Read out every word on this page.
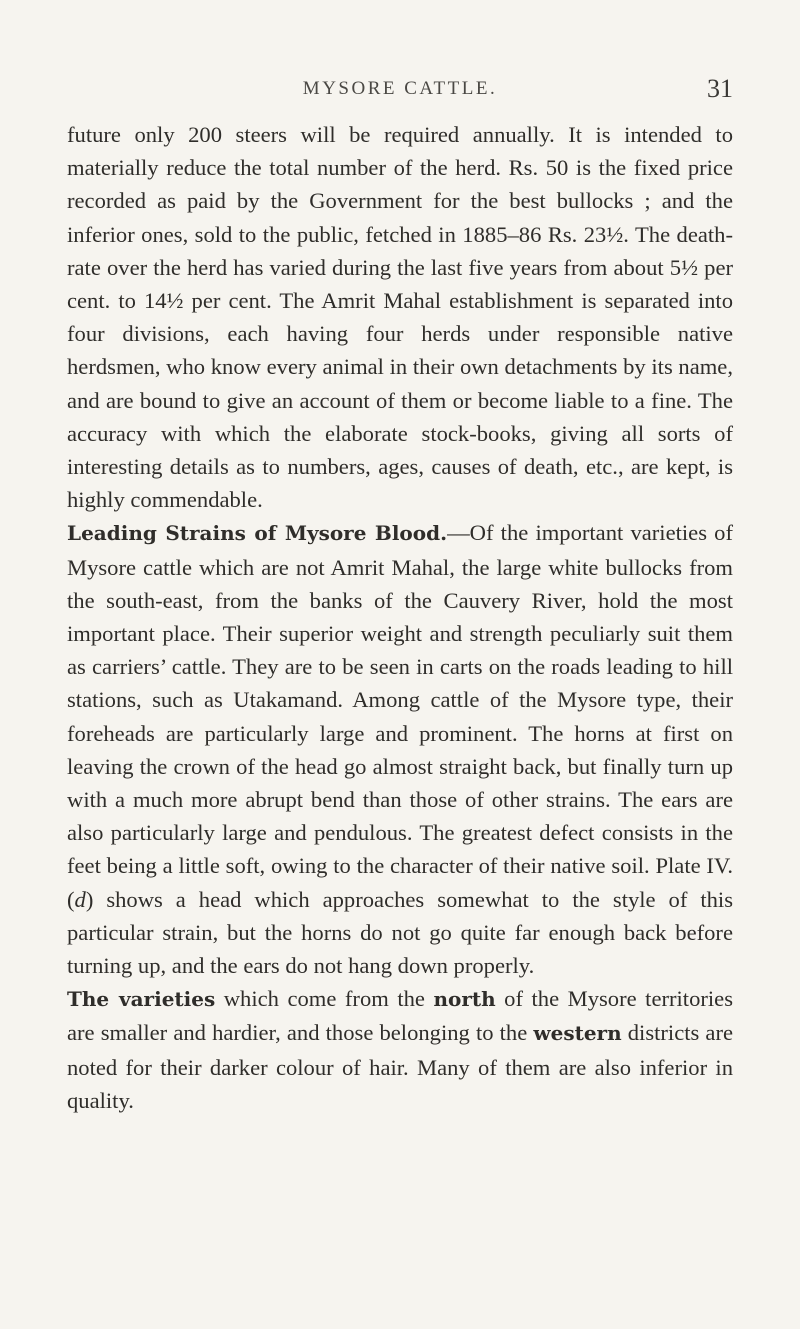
MYSORE CATTLE.	31

future only 200 steers will be required annually. It is intended to materially reduce the total number of the herd. Rs. 50 is the fixed price recorded as paid by the Government for the best bullocks ; and the inferior ones, sold to the public, fetched in 1885–86 Rs. 23½. The death-rate over the herd has varied during the last five years from about 5½ per cent. to 14½ per cent. The Amrit Mahal establishment is separated into four divisions, each having four herds under responsible native herdsmen, who know every animal in their own detachments by its name, and are bound to give an account of them or become liable to a fine. The accuracy with which the elaborate stock-books, giving all sorts of interesting details as to numbers, ages, causes of death, etc., are kept, is highly commendable.

Leading Strains of Mysore Blood.—Of the important varieties of Mysore cattle which are not Amrit Mahal, the large white bullocks from the south-east, from the banks of the Cauvery River, hold the most important place. Their superior weight and strength peculiarly suit them as carriers’ cattle. They are to be seen in carts on the roads leading to hill stations, such as Utakamand. Among cattle of the Mysore type, their foreheads are particularly large and prominent. The horns at first on leaving the crown of the head go almost straight back, but finally turn up with a much more abrupt bend than those of other strains. The ears are also particularly large and pendulous. The greatest defect consists in the feet being a little soft, owing to the character of their native soil. Plate IV. (d) shows a head which approaches somewhat to the style of this particular strain, but the horns do not go quite far enough back before turning up, and the ears do not hang down properly.

The varieties which come from the north of the Mysore territories are smaller and hardier, and those belonging to the western districts are noted for their darker colour of hair. Many of them are also inferior in quality.
